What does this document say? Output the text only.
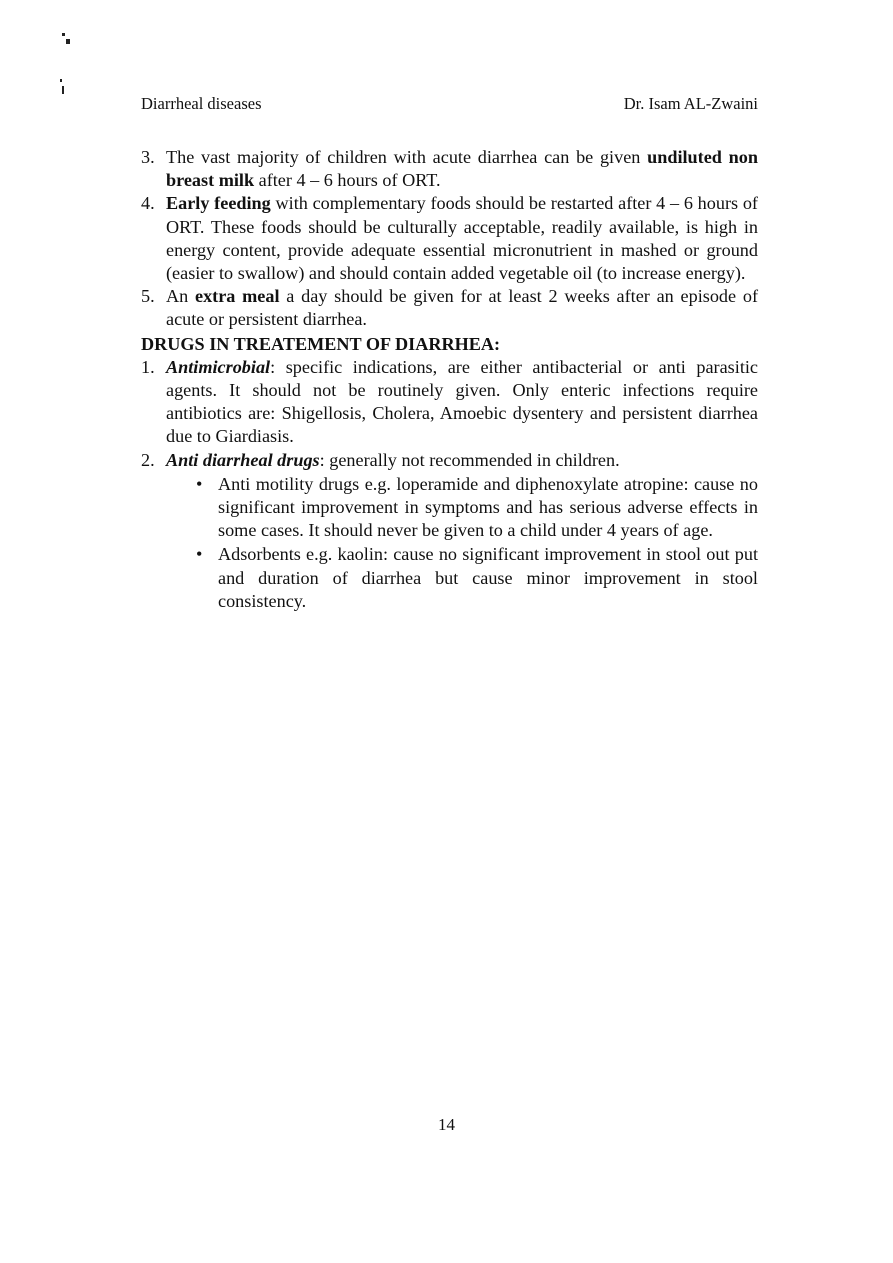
Diarrheal diseases	Dr. Isam AL-Zwaini
3. The vast majority of children with acute diarrhea can be given undiluted non breast milk after 4 – 6 hours of ORT.
4. Early feeding with complementary foods should be restarted after 4 – 6 hours of ORT. These foods should be culturally acceptable, readily available, is high in energy content, provide adequate essential micronutrient in mashed or ground (easier to swallow) and should contain added vegetable oil (to increase energy).
5. An extra meal a day should be given for at least 2 weeks after an episode of acute or persistent diarrhea.
DRUGS IN TREATEMENT OF DIARRHEA:
1. Antimicrobial: specific indications, are either antibacterial or anti parasitic agents. It should not be routinely given. Only enteric infections require antibiotics are: Shigellosis, Cholera, Amoebic dysentery and persistent diarrhea due to Giardiasis.
2. Anti diarrheal drugs: generally not recommended in children.
• Anti motility drugs e.g. loperamide and diphenoxylate atropine: cause no significant improvement in symptoms and has serious adverse effects in some cases. It should never be given to a child under 4 years of age.
• Adsorbents e.g. kaolin: cause no significant improvement in stool out put and duration of diarrhea but cause minor improvement in stool consistency.
14
